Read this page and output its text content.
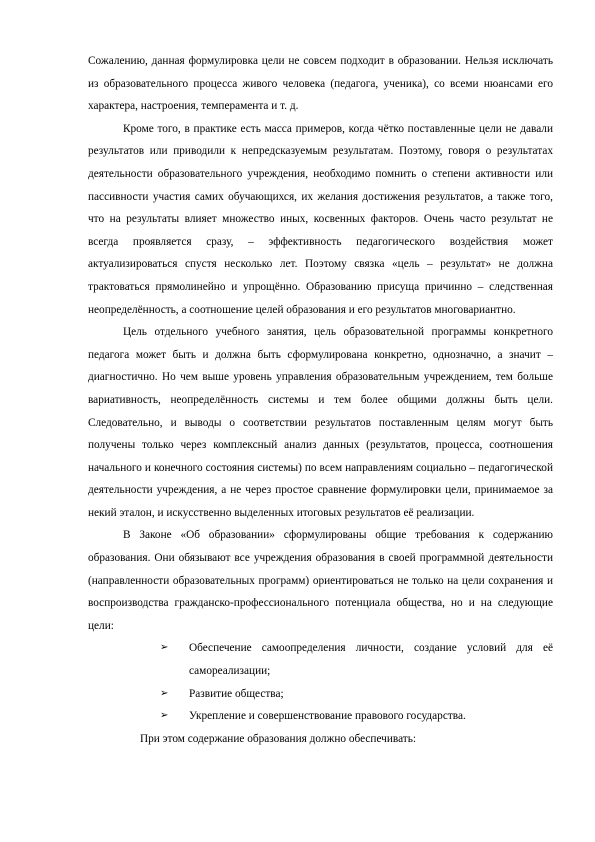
Сожалению, данная формулировка цели не совсем подходит в образовании. Нельзя исключать из образовательного процесса живого человека (педагога, ученика), со всеми нюансами его характера, настроения, темперамента и т. д.

Кроме того, в практике есть масса примеров, когда чётко поставленные цели не давали результатов или приводили к непредсказуемым результатам. Поэтому, говоря о результатах деятельности образовательного учреждения, необходимо помнить о степени активности или пассивности участия самих обучающихся, их желания достижения результатов, а также того, что на результаты влияет множество иных, косвенных факторов. Очень часто результат не всегда проявляется сразу, – эффективность педагогического воздействия может актуализироваться спустя несколько лет. Поэтому связка «цель – результат» не должна трактоваться прямолинейно и упрощённо. Образованию присуща причинно – следственная неопределённость, а соотношение целей образования и его результатов многовариантно.

Цель отдельного учебного занятия, цель образовательной программы конкретного педагога может быть и должна быть сформулирована конкретно, однозначно, а значит – диагностично. Но чем выше уровень управления образовательным учреждением, тем больше вариативность, неопределённость системы и тем более общими должны быть цели. Следовательно, и выводы о соответствии результатов поставленным целям могут быть получены только через комплексный анализ данных (результатов, процесса, соотношения начального и конечного состояния системы) по всем направлениям социально – педагогической деятельности учреждения, а не через простое сравнение формулировки цели, принимаемое за некий эталон, и искусственно выделенных итоговых результатов её реализации.

В Законе «Об образовании» сформулированы общие требования к содержанию образования. Они обязывают все учреждения образования в своей программной деятельности (направленности образовательных программ) ориентироваться не только на цели сохранения и воспроизводства гражданско-профессионального потенциала общества, но и на следующие цели:

➢ Обеспечение самоопределения личности, создание условий для её самореализации;
➢ Развитие общества;
➢ Укрепление и совершенствование правового государства.

При этом содержание образования должно обеспечивать:
